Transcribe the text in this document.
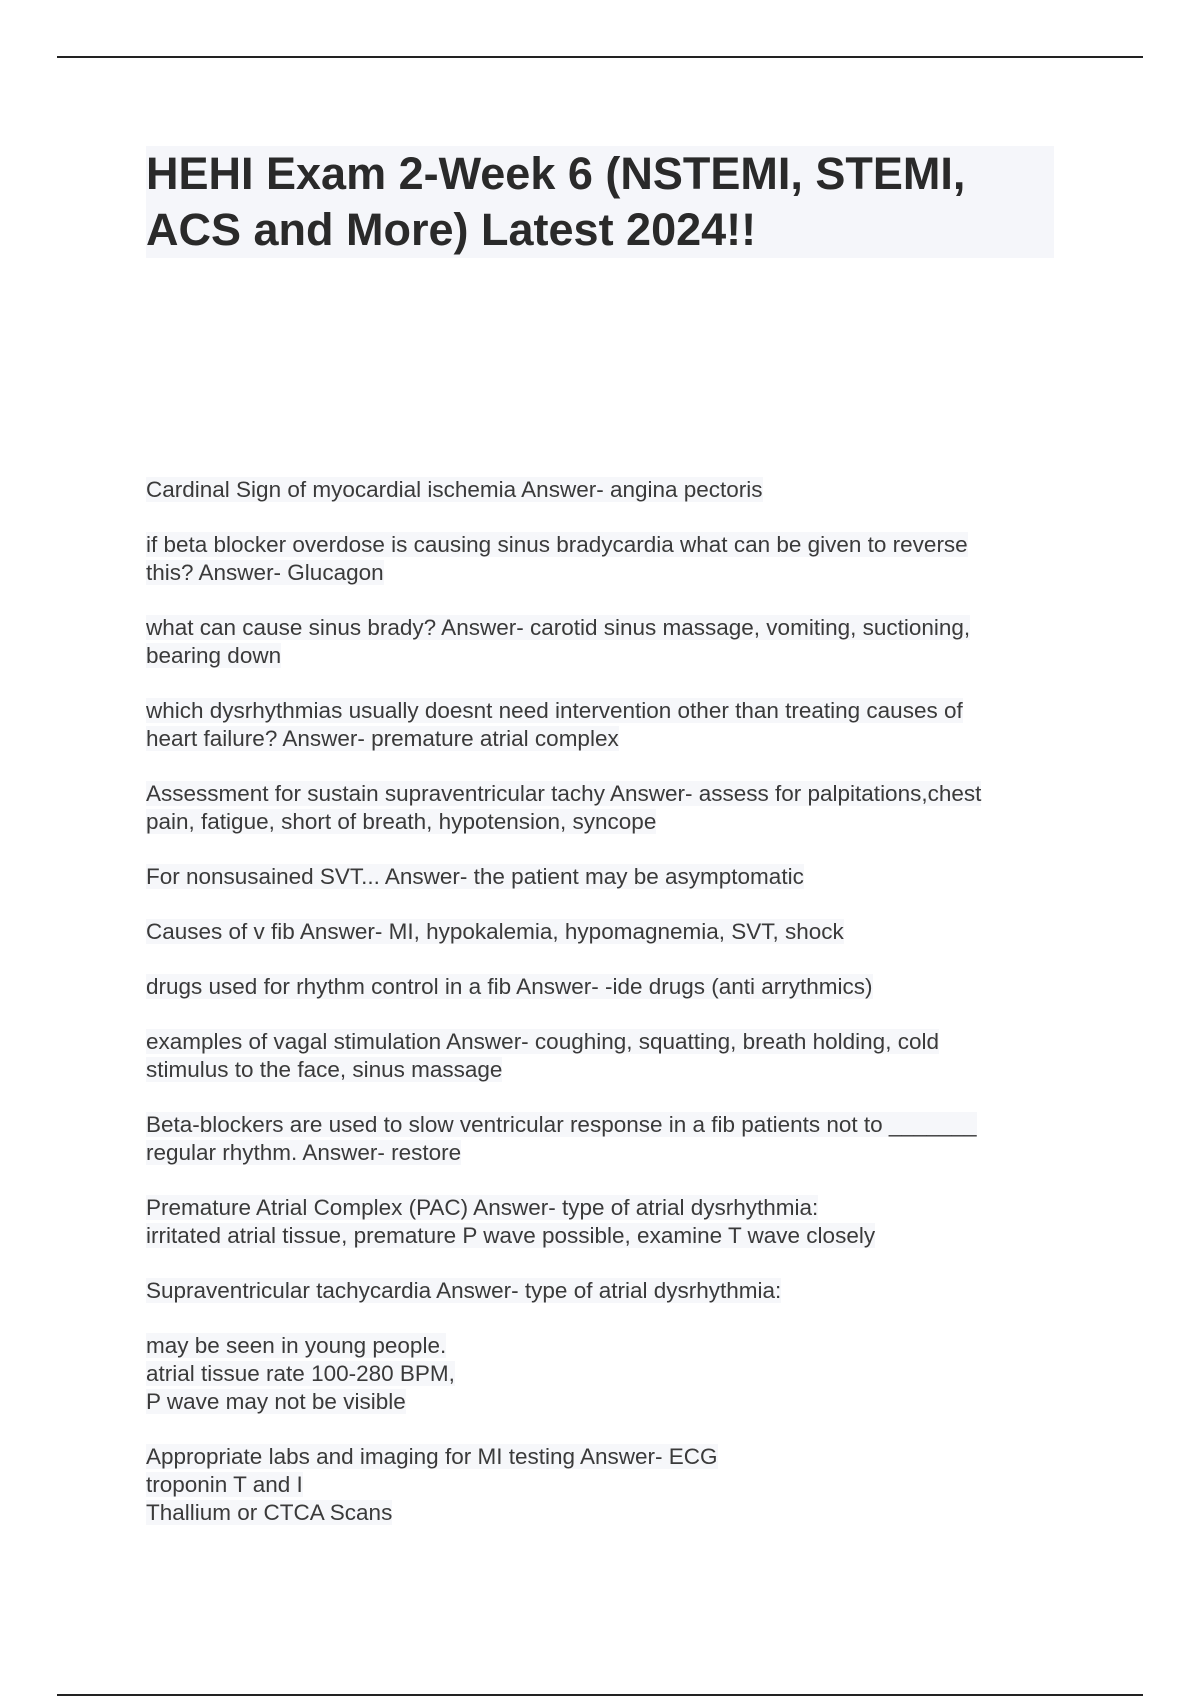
HEHI Exam 2-Week 6 (NSTEMI, STEMI,
ACS and More) Latest 2024!!
Cardinal Sign of myocardial ischemia Answer- angina pectoris
if beta blocker overdose is causing sinus bradycardia what can be given to reverse
this? Answer- Glucagon
what can cause sinus brady? Answer- carotid sinus massage, vomiting, suctioning,
bearing down
which dysrhythmias usually doesnt need intervention other than treating causes of
heart failure? Answer- premature atrial complex
Assessment for sustain supraventricular tachy Answer- assess for palpitations,chest
pain, fatigue, short of breath, hypotension, syncope
For nonsusained SVT... Answer- the patient may be asymptomatic
Causes of v fib Answer- MI, hypokalemia, hypomagnemia, SVT, shock
drugs used for rhythm control in a fib Answer- -ide drugs (anti arrythmics)
examples of vagal stimulation Answer- coughing, squatting, breath holding, cold
stimulus to the face, sinus massage
Beta-blockers are used to slow ventricular response in a fib patients not to _______
regular rhythm. Answer- restore
Premature Atrial Complex (PAC) Answer- type of atrial dysrhythmia:
irritated atrial tissue, premature P wave possible, examine T wave closely
Supraventricular tachycardia Answer- type of atrial dysrhythmia:
may be seen in young people.
atrial tissue rate 100-280 BPM,
P wave may not be visible
Appropriate labs and imaging for MI testing Answer- ECG
troponin T and I
Thallium or CTCA Scans
